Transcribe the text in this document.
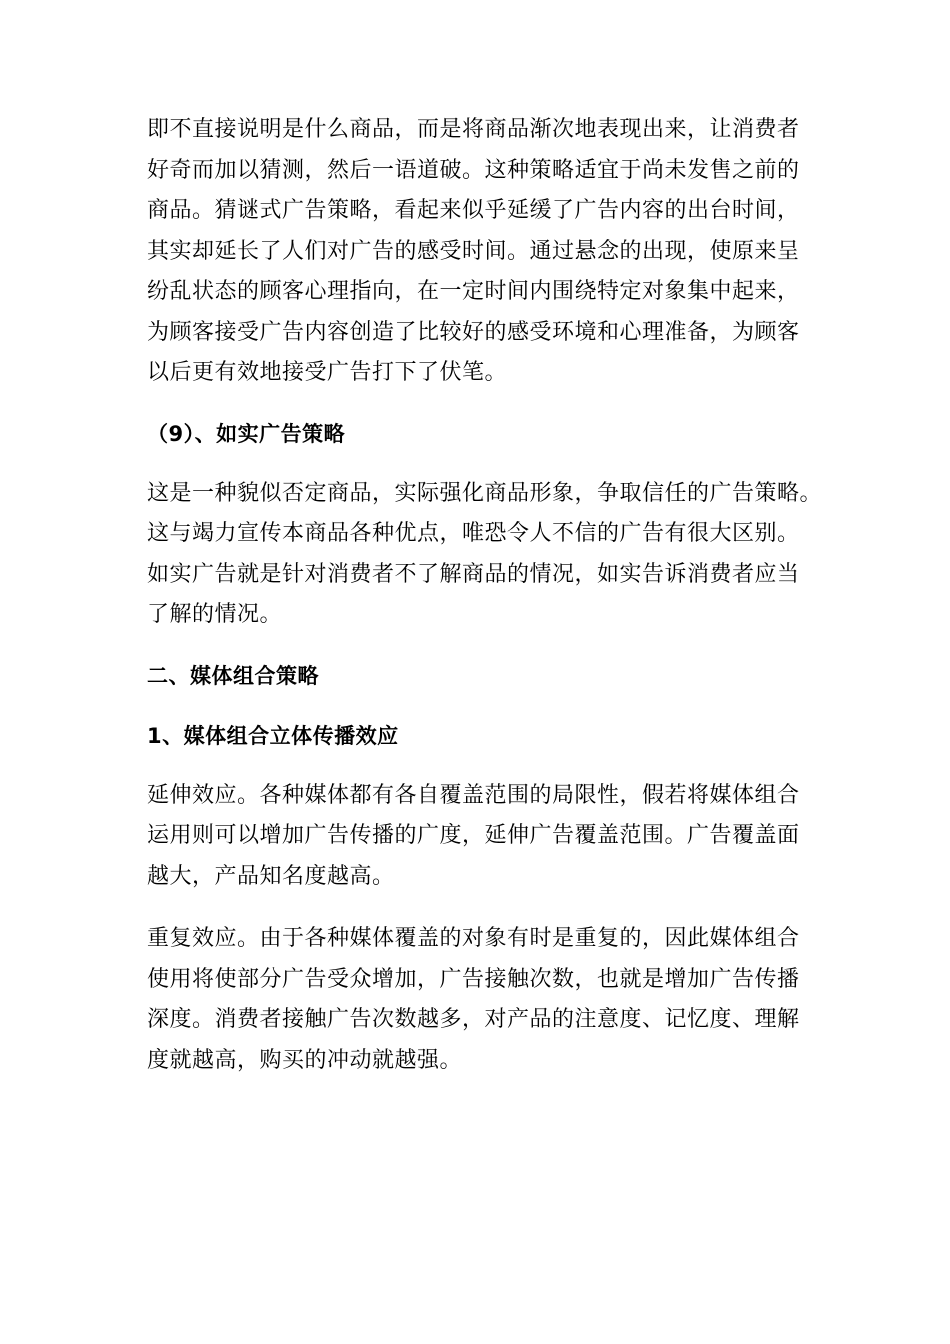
即不直接说明是什么商品，而是将商品渐次地表现出来，让消费者
好奇而加以猜测，然后一语道破。这种策略适宜于尚未发售之前的
商品。猜谜式广告策略，看起来似乎延缓了广告内容的出台时间，
其实却延长了人们对广告的感受时间。通过悬念的出现，使原来呈
纷乱状态的顾客心理指向，在一定时间内围绕特定对象集中起来，
为顾客接受广告内容创造了比较好的感受环境和心理准备，为顾客
以后更有效地接受广告打下了伏笔。

（9）、如实广告策略

这是一种貌似否定商品，实际强化商品形象，争取信任的广告策略。
这与竭力宣传本商品各种优点，唯恐令人不信的广告有很大区别。
如实广告就是针对消费者不了解商品的情况，如实告诉消费者应当
了解的情况。

二、媒体组合策略
1、媒体组合立体传播效应

延伸效应。各种媒体都有各自覆盖范围的局限性，假若将媒体组合
运用则可以增加广告传播的广度，延伸广告覆盖范围。广告覆盖面
越大，产品知名度越高。

重复效应。由于各种媒体覆盖的对象有时是重复的，因此媒体组合
使用将使部分广告受众增加，广告接触次数，也就是增加广告传播
深度。消费者接触广告次数越多，对产品的注意度、记忆度、理解
度就越高，购买的冲动就越强。
